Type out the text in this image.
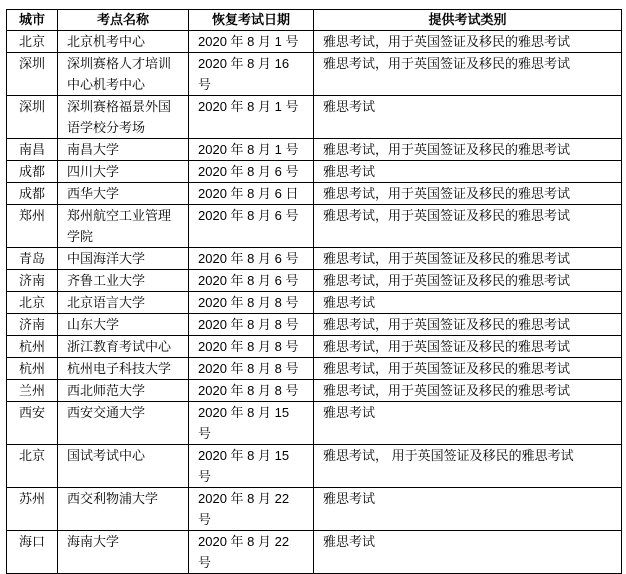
城市	考点名称	恢复考试日期	提供考试类别
北京	北京机考中心	2020 年 8 月 1 号	雅思考试，用于英国签证及移民的雅思考试
深圳	深圳赛格人才培训中心机考中心	2020 年 8 月 16 号	雅思考试，用于英国签证及移民的雅思考试
深圳	深圳赛格福景外国语学校分考场	2020 年 8 月 1 号	雅思考试
南昌	南昌大学	2020 年 8 月 1 号	雅思考试，用于英国签证及移民的雅思考试
成都	四川大学	2020 年 8 月 6 号	雅思考试
成都	西华大学	2020 年 8 月 6 日	雅思考试，用于英国签证及移民的雅思考试
郑州	郑州航空工业管理学院	2020 年 8 月 6 号	雅思考试，用于英国签证及移民的雅思考试
青岛	中国海洋大学	2020 年 8 月 6 号	雅思考试，用于英国签证及移民的雅思考试
济南	齐鲁工业大学	2020 年 8 月 6 号	雅思考试，用于英国签证及移民的雅思考试
北京	北京语言大学	2020 年 8 月 8 号	雅思考试
济南	山东大学	2020 年 8 月 8 号	雅思考试，用于英国签证及移民的雅思考试
杭州	浙江教育考试中心	2020 年 8 月 8 号	雅思考试，用于英国签证及移民的雅思考试
杭州	杭州电子科技大学	2020 年 8 月 8 号	雅思考试，用于英国签证及移民的雅思考试
兰州	西北师范大学	2020 年 8 月 8 号	雅思考试，用于英国签证及移民的雅思考试
西安	西安交通大学	2020 年 8 月 15 号	雅思考试
北京	国试考试中心	2020 年 8 月 15 号	雅思考试， 用于英国签证及移民的雅思考试
苏州	西交利物浦大学	2020 年 8 月 22 号	雅思考试
海口	海南大学	2020 年 8 月 22 号	雅思考试
